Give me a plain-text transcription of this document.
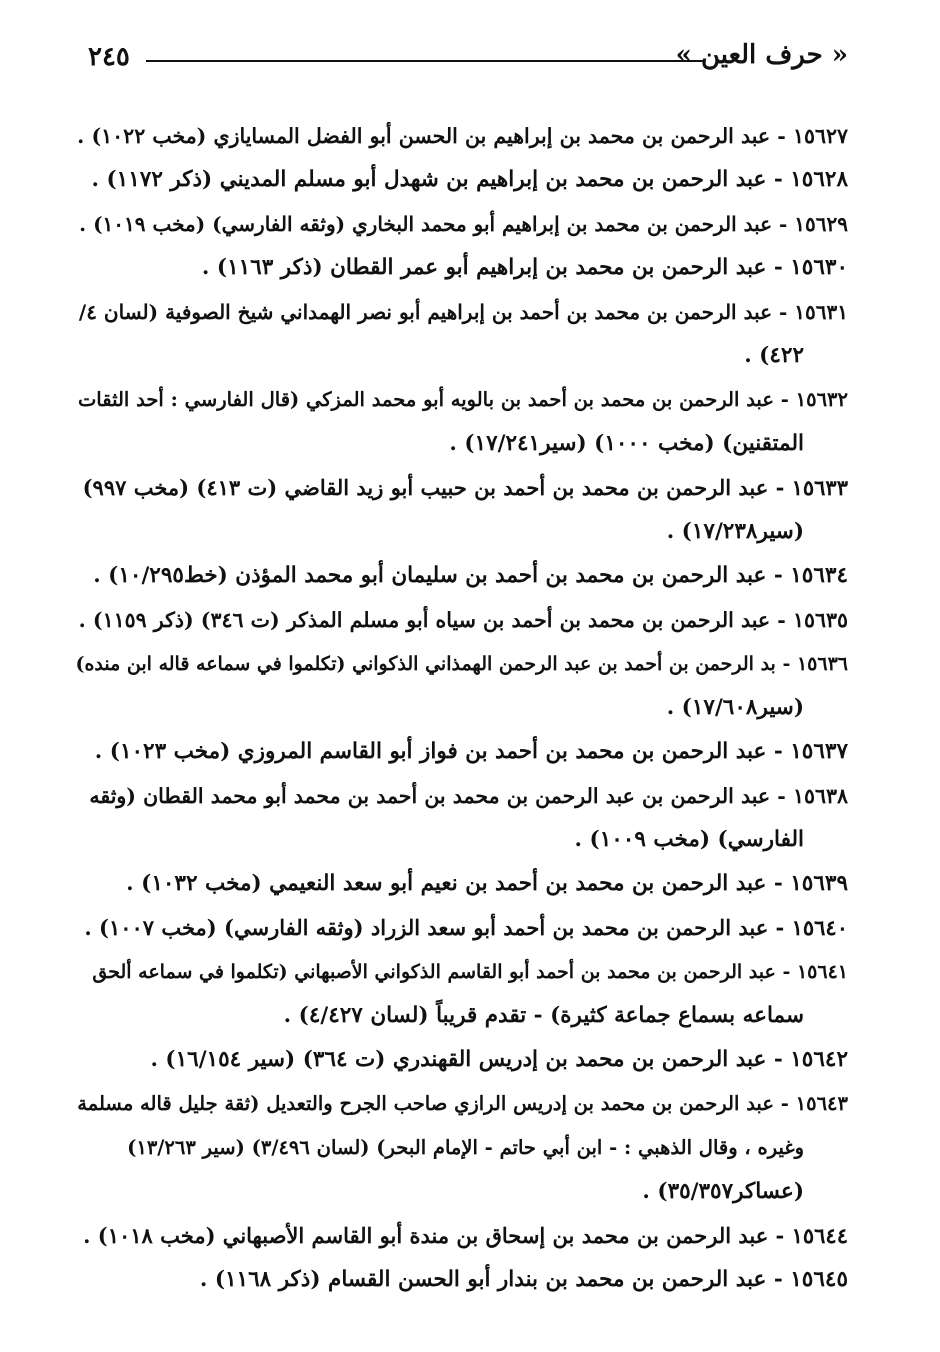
٢٤٥	« حرف العين »
١٥٦٢٧ - عبد الرحمن بن محمد بن إبراهيم بن الحسن أبو الفضل المسايازي (مخب ١٠٢٢) .
١٥٦٢٨ - عبد الرحمن بن محمد بن إبراهيم بن شهدل أبو مسلم المديني (ذكر ١١٧٢) .
١٥٦٢٩ - عبد الرحمن بن محمد بن إبراهيم أبو محمد البخاري (وثقه الفارسي) (مخب ١٠١٩) .
١٥٦٣٠ - عبد الرحمن بن محمد بن إبراهيم أبو عمر القطان (ذكر ١١٦٣) .
١٥٦٣١ - عبد الرحمن بن محمد بن أحمد بن إبراهيم أبو نصر الهمداني شيخ الصوفية (لسان ٤/
٤٢٢) .
١٥٦٣٢ - عبد الرحمن بن محمد بن أحمد بن بالويه أبو محمد المزكي (قال الفارسي : أحد الثقات
المتقنين) (مخب ١٠٠٠) (سير١٧/٢٤١) .
١٥٦٣٣ - عبد الرحمن بن محمد بن أحمد بن حبيب أبو زيد القاضي (ت ٤١٣) (مخب ٩٩٧)
(سير١٧/٢٣٨) .
١٥٦٣٤ - عبد الرحمن بن محمد بن أحمد بن سليمان أبو محمد المؤذن (خط١٠/٢٩٥) .
١٥٦٣٥ - عبد الرحمن بن محمد بن أحمد بن سياه أبو مسلم المذكر (ت ٣٤٦) (ذكر ١١٥٩) .
١٥٦٣٦ - بد الرحمن بن أحمد بن عبد الرحمن الهمذاني الذكواني (تكلموا في سماعه قاله ابن منده)
(سير١٧/٦٠٨) .
١٥٦٣٧ - عبد الرحمن بن محمد بن أحمد بن فواز أبو القاسم المروزي (مخب ١٠٢٣) .
١٥٦٣٨ - عبد الرحمن بن عبد الرحمن بن محمد بن أحمد بن محمد أبو محمد القطان (وثقه
الفارسي) (مخب ١٠٠٩) .
١٥٦٣٩ - عبد الرحمن بن محمد بن أحمد بن نعيم أبو سعد النعيمي (مخب ١٠٣٢) .
١٥٦٤٠ - عبد الرحمن بن محمد بن أحمد أبو سعد الزراد (وثقه الفارسي) (مخب ١٠٠٧) .
١٥٦٤١ - عبد الرحمن بن محمد بن أحمد أبو القاسم الذكواني الأصبهاني (تكلموا في سماعه ألحق
سماعه بسماع جماعة كثيرة) - تقدم قريباً (لسان ٤/٤٢٧) .
١٥٦٤٢ - عبد الرحمن بن محمد بن إدريس القهندري (ت ٣٦٤) (سير ١٦/١٥٤) .
١٥٦٤٣ - عبد الرحمن بن محمد بن إدريس الرازي صاحب الجرح والتعديل (ثقة جليل قاله مسلمة
وغيره ، وقال الذهبي : - ابن أبي حاتم - الإمام البحر) (لسان ٣/٤٩٦) (سير ١٣/٢٦٣)
(عساكر٣٥/٣٥٧) .
١٥٦٤٤ - عبد الرحمن بن محمد بن إسحاق بن مندة أبو القاسم الأصبهاني (مخب ١٠١٨) .
١٥٦٤٥ - عبد الرحمن بن محمد بن بندار أبو الحسن القسام (ذكر ١١٦٨) .
